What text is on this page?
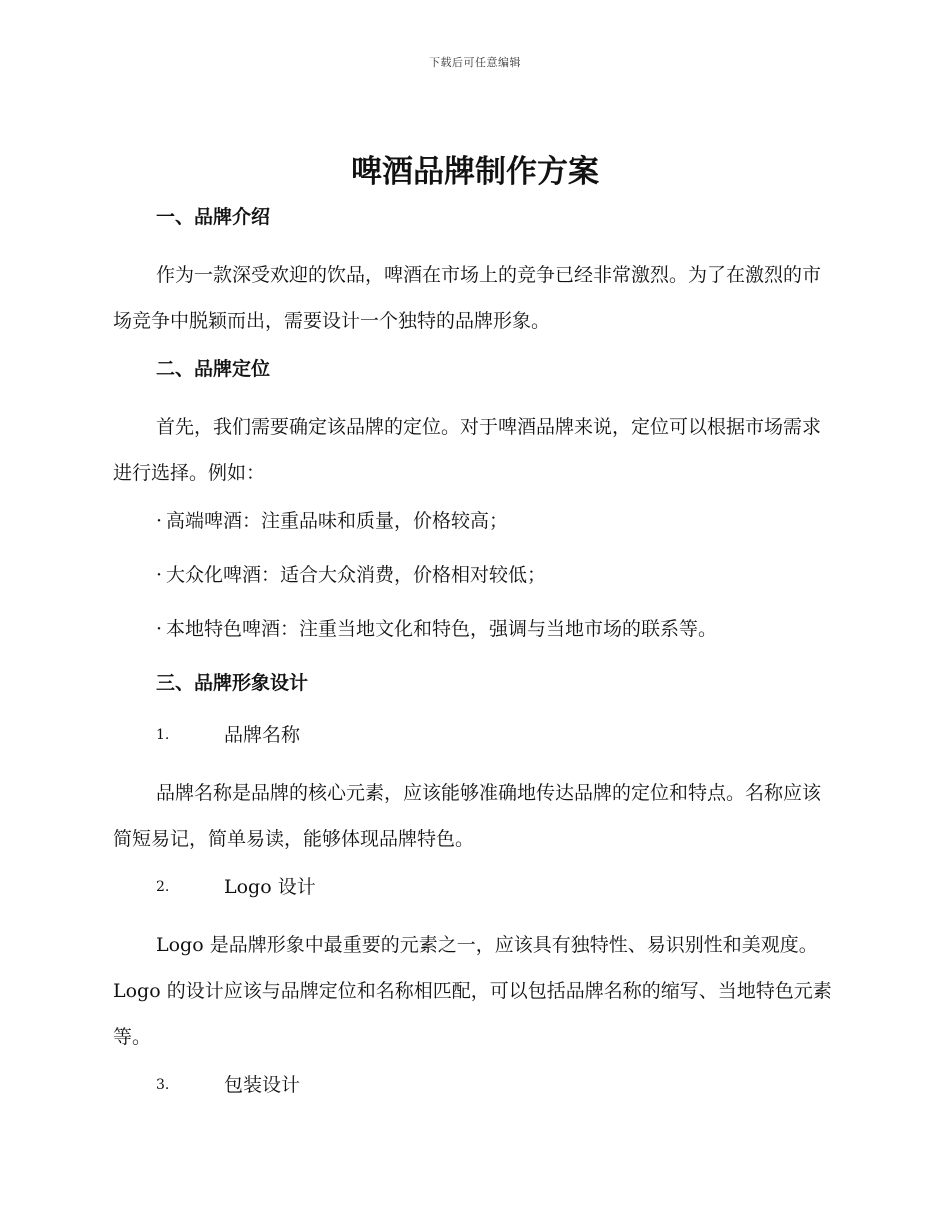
下载后可任意编辑
啤酒品牌制作方案
一、品牌介绍

作为一款深受欢迎的饮品，啤酒在市场上的竞争已经非常激烈。为了在激烈的市场竞争中脱颖而出，需要设计一个独特的品牌形象。

二、品牌定位

首先，我们需要确定该品牌的定位。对于啤酒品牌来说，定位可以根据市场需求进行选择。例如：

· 高端啤酒：注重品味和质量，价格较高；
· 大众化啤酒：适合大众消费，价格相对较低；
· 本地特色啤酒：注重当地文化和特色，强调与当地市场的联系等。
三、品牌形象设计
1.	品牌名称

品牌名称是品牌的核心元素，应该能够准确地传达品牌的定位和特点。名称应该简短易记，简单易读，能够体现品牌特色。

2.	Logo 设计

Logo 是品牌形象中最重要的元素之一，应该具有独特性、易识别性和美观度。Logo 的设计应该与品牌定位和名称相匹配，可以包括品牌名称的缩写、当地特色元素等。

3.	包装设计
